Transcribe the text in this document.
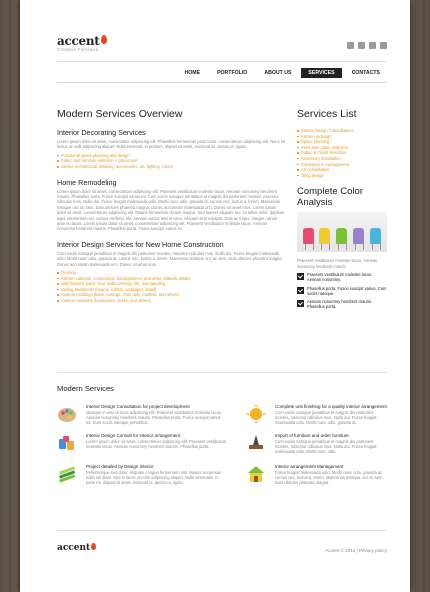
accent
Creative Furniture
HOME	PORTFOLIO	ABOUT US	SERVICES	CONTACTS
Modern Services Overview
Interior Decorating Services
Lorem ipsum dolor sit amet, consectetur adipiscing elit. Phasellus fermentum justo tortor, consectetuer adipiscing elit. Nunc sit lectus ac velit adipiscing aliquet. Nulla euismod, in pretium, aliquet sit amet, euismod at, cursus ut, ligula.
Functional space planning and design
Fabric and furniture selection + placement
Interior architectural detailing: accessories, art, lighting, colors
Home Remodeling
Lorem ipsum dolor sit amet, consectetuer adipiscing elit. Praesent vestibulum molestie lacus. Aenean nonummy hendrerit mauris. Phasellus porta. Fusce suscipit varius mi. Cum sociis natoque penatibus et magnis dis parturient montes, nascetur ridiculus mus. Nulla dui. Fusce feugiat malesuada odio. Morbi nunc odio, gravida at, cursus nec, luctus a, lorem. Maecenas tristique orci ac sem. Duis ultricies pharetra magna. Donec accumsan malesuada orci. Donec sit amet eros. Lorem ipsum dolor sit amet, consectetuer adipiscing elit. Mauris fermentum dictum magna. Sed laoreet aliquam leo. Ut tellus dolor, dapibus eget, elementum vel, cursus eleifend, elit. Aenean auctor wisi et urna. Aliquam erat volutpat. Duis ac turpis. Integer rutrum ante eu lacus. Lorem ipsum dolor sit amet, consectetuer adipiscing elit. Praesent vestibulum molestie lacus. Aenean nonummy hendrerit mauris. Phasellus porta. Fusce suscipit varius mi.
Interior Design Services for New Home Construction
Cum sociis natoque penatibus et magnis dis parturient montes, nascetur ridiculus mus. Nulla dui. Fusce feugiat malesuada odio. Morbi nunc odio, gravida at, cursus nec, luctus a, lorem. Maecenas tristique orci ac sem. Duis ultricies pharetra magna. Donec accumsan malesuada orci. Donec sit amet eros.
Flooring
Kitchen cabinets, countertops, backsplashes, and other millwork details
Wall finishes: paint, faux, wallcoverings, tile, and paneling
Ceiling treatments (beams, coffers, wallpaper, detail)
Custom moldings (base, casings, chair rails, mantels, and others)
Custom cabinetry (bookcases, desks, and others)
Services List
Interior Design Consultations
Kitchen redesign
Space planning
Paint and colour selection
Fabric & Finish Selection
Accessory Installation
Construction management
Art consultation
Tiling design
Complete Color Analysis
Praesent vestibulum molestie lacus. Aenean nonummy hendrerit mauris.
Praesent vestibulum molestie lacus. Aenean nonummy.
Phasellus porta. Fusce suscipit varius. Cum sociis natoque.
Aenean nonummy hendrerit mauris. Phasellus porta.
Modern Services
Interior Design Consultation for project development
Quisque in wisi sit nunc adipiscing elit. Praesent vestibulum molestie lacus. Aenean nonummy hendrerit mauris. Phasellus porta. Fusce suscipit varius mi. Cum sociis natoque penatibus.
Complete unit finishing for a quality interior arrangement
Cum sociis natoque penatibus et magnis dis parturient montes, nascetur ridiculus mus. Nulla dui. Fusce feugiat malesuada odio. Morbi nunc odio, gravida at.
Interior Design Consult for interior arrangement
Lorem ipsum dolor sit amet, consectetuer adipiscing elit. Praesent vestibulum molestie lacus. Aenean nonummy hendrerit mauris. Phasellus porta.
Import of furniture and order furniture
Cum sociis natoque penatibus et magnis dis parturient montes, nascetur ridiculus mus. Nulla dui. Fusce feugiat malesuada odio. Morbi nunc odio.
Project detailed by Design Interior
Pellentesque sed dolor. Aliquam congue fermentum nisl. Mauris accumsan nulla vel diam. Sed in lacus ut enim adipiscing aliquet. Nulla venenatis. In pede mi, aliquet sit amet, euismod in, auctor ut, ligula.
Interior arrangement Management
Fusce feugiat malesuada odio. Morbi nunc odio, gravida at, cursus nec, luctus a, lorem. Maecenas tristique orci ac sem. Duis ultricies pharetra magna.
accent	Accent © 2011 | Privacy policy
